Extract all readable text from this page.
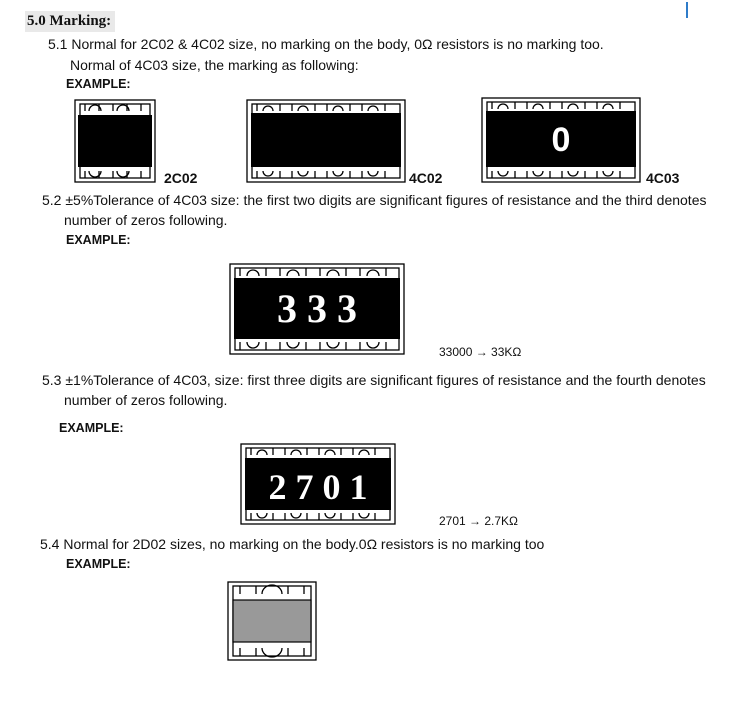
5.0 Marking:
5.1 Normal for 2C02 & 4C02 size, no marking on the body, 0Ω resistors is no marking too.
Normal of 4C03 size, the marking as following:
EXAMPLE:
2C02	4C02
0
4C03
5.2 ±5%Tolerance of 4C03 size: the first two digits are significant figures of resistance and the third denotes
number of zeros following.
EXAMPLE:
3 3 3
33000 → 33KΩ
5.3 ±1%Tolerance of 4C03, size: first three digits are significant figures of resistance and the fourth denotes
number of zeros following.
EXAMPLE:
2 7 0 1
2701 → 2.7KΩ
5.4 Normal for 2D02 sizes, no marking on the body.0Ω resistors is no marking too
EXAMPLE:
